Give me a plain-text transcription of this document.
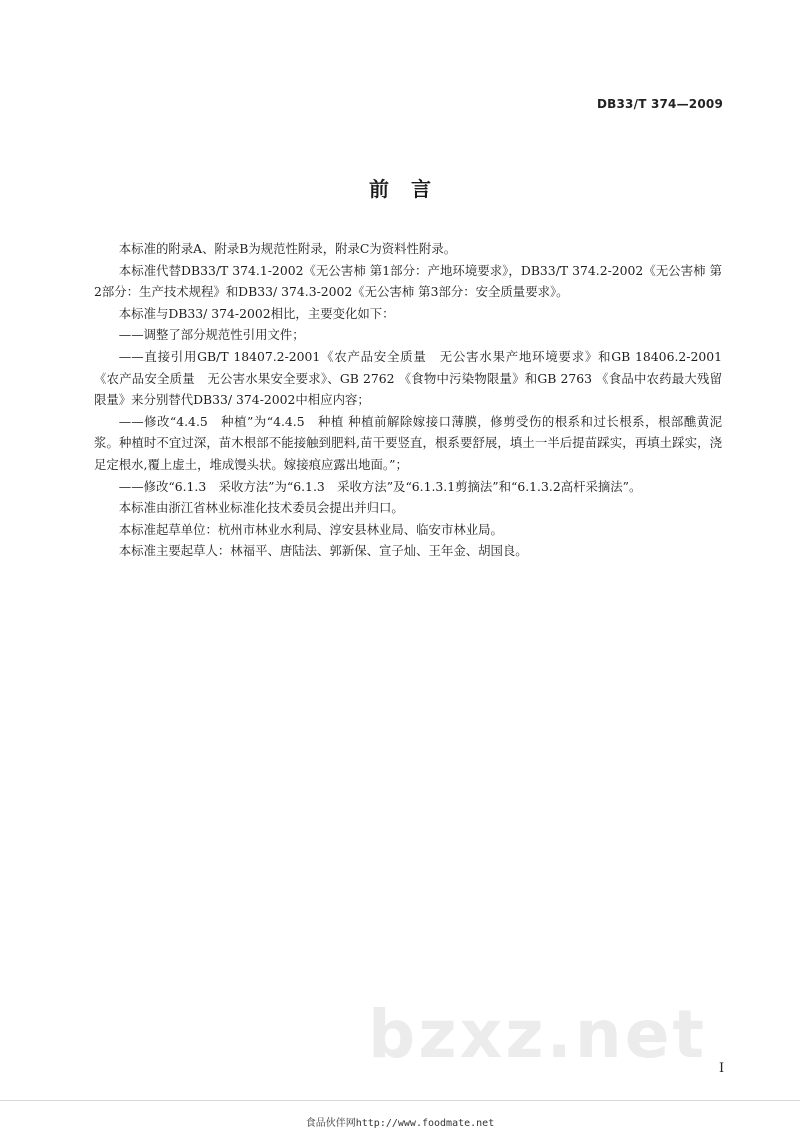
DB33/T 374—2009
前言

本标准的附录A、附录B为规范性附录，附录C为资料性附录。

本标准代替DB33/T 374.1-2002《无公害柿 第1部分：产地环境要求》，DB33/T 374.2-2002《无公害柿 第2部分：生产技术规程》和DB33/ 374.3-2002《无公害柿 第3部分：安全质量要求》。

本标准与DB33/ 374-2002相比，主要变化如下：

——调整了部分规范性引用文件；

——直接引用GB/T 18407.2-2001《农产品安全质量　无公害水果产地环境要求》和GB 18406.2-2001《农产品安全质量　无公害水果安全要求》、GB 2762 《食物中污染物限量》和GB 2763 《食品中农药最大残留限量》来分别替代DB33/ 374-2002中相应内容；

——修改“4.4.5　种植”为“4.4.5　种植 种植前解除嫁接口薄膜，修剪受伤的根系和过长根系，根部醮黄泥浆。种植时不宜过深，苗木根部不能接触到肥料,苗干要竖直，根系要舒展，填土一半后提苗踩实，再填土踩实，浇足定根水,覆上虚土，堆成馒头状。嫁接痕应露出地面。”；

——修改“6.1.3　采收方法”为“6.1.3　采收方法”及“6.1.3.1剪摘法”和“6.1.3.2高杆采摘法”。

本标准由浙江省林业标准化技术委员会提出并归口。

本标准起草单位：杭州市林业水利局、淳安县林业局、临安市林业局。

本标准主要起草人：林福平、唐陆法、郭新保、宣子灿、王年金、胡国良。

bzxz.net I
食品伙伴网http://www.foodmate.net
